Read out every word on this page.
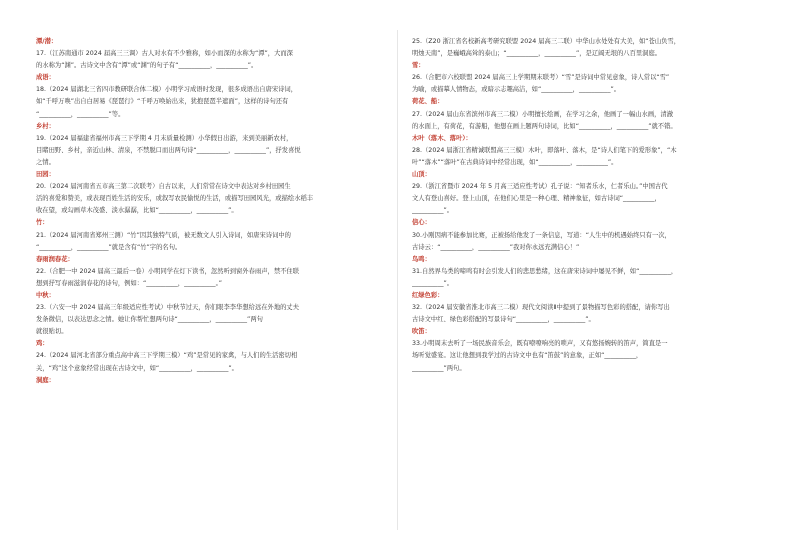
潭/潜：
17.（江苏南通市 2024 届高三三调）古人对水有不少雅称，如小而深的水称为“潭”，大而深
的水称为“渊”。古诗文中含有“潭”或“渊”的句子有“__________，__________”。
成语：
18.（2024 届湖北三省四市教研联合体二模）小明学习成语时发现，很多成语出自唐宋诗词，
如“千呼万唤”出自白居易《琵琶行》“千呼万唤始出来，犹抱琵琶半遮面”，这样的诗句还有
“__________，__________”等。
乡村：
19.（2024 届福建省福州市高三下学期 4 月末质量检测）小华假日出游，来到美丽新农村，
目睹田野、乡村，亲近山林、清泉，不禁脱口而出两句诗“__________，__________”，抒发喜悦
之情。
田园：
20.（2024 届河南省五市高三第二次联考）自古以来，人们常常在诗文中表达对乡村田园生
活的喜爱和赞美，或表现百姓生活的安乐，或叙写农民愉悦的生活，或描写田园风光，或描绘水稻丰
收在望，或勾画草木茂盛、淡水潺潺，比如“__________，__________”。
竹：
21.（2024 届河南省郑州三测）“竹”因其独特气质，被无数文人引入诗词，如唐宋诗词中的
“__________，__________”就是含有“竹”字的名句。
春雨润春花：
22.（合肥一中 2024 届高三最后一卷）小明同学在灯下读书，忽然听到窗外春雨声，禁不住联
想到抒写春雨滋润春花的诗句，例如：“__________，__________。”
中秋：
23.（六安一中 2024 届高三年级适应性考试）中秋节过天，你们眼李李华想给远在外地的丈夫
发条微信，以表达思念之情。她让你帮忙想两句诗“__________，__________”两句
就很贴切。
鸡：
24.（2024 届河北省部分重点高中高三下学期三模）“鸡”是常见的家禽，与人们的生活密切相
关，“鸡”这个意象经常出现在古诗文中，如“__________，__________”。
洞庭：
25.（Z20 浙江省名校新高考研究联盟 2024 届高三二联）中华山水处处有大美，如“苍山负雪，
明烛天南”，是巍峨高耸的泰山；“__________，__________”，是辽阔无垠的八百里洞庭。
雪：
26.（合肥市六校联盟 2024 届高三上学期期末联考）“雪”是诗词中常见意象，诗人常以“雪”
为喻，或描摹人情物态，或暗示志趣高洁，如“__________，__________”。
荷花、船：
27.（2024 届山东省滨州市高三二模）小明擅长绘画，在学习之余，他画了一幅山水画，清澈
的水面上，有荷花，有游船，他想在画上题两句诗词，比如“__________，__________”就不错。
木叶（落木、落叶）：
28.（2024 届浙江省精诚联盟高三三模）木叶，即落叶、落木，是“诗人们笔下的爱形象”，“木
叶”“落木”“落叶”在古典诗词中经常出现，如“__________，__________”。
山顶：
29.（浙江省暨市 2024 年 5 月高三适应性考试）孔子说：“知者乐水，仁者乐山。”中国古代
文人有登山喜好。登上山顶，在他们心里是一种心理、精神象征，如古诗词“__________，
__________”。
信心：
30.小刚因病不能参加比赛，正被扬给他发了一条信息，写道：“人生中的机遇始终只有一次，
古诗云：“__________，__________”我对你永远充满信心！”
鸟鸣：
31.自然界鸟类的啼鸣有时会引发人们的悲思愁绪，这在唐宋诗词中屡见不鲜，如“__________，
__________”。
红绿色彩：
32.（2024 届安徽省淮北市高三二模）现代文阅读Ⅱ中提到了景物描写色彩的搭配，请你写出
古诗文中红、绿色彩搭配的写景诗句“__________，__________”。
吹笛：
33.小明周末去听了一场民族音乐会，既有嘹嘹响亮的唢声，又有悠扬婉转的笛声，简直是一
场听觉盛宴。这让他想到我学过的古诗文中也有“笛鼓”的意象，正如“__________，
__________”两句。
